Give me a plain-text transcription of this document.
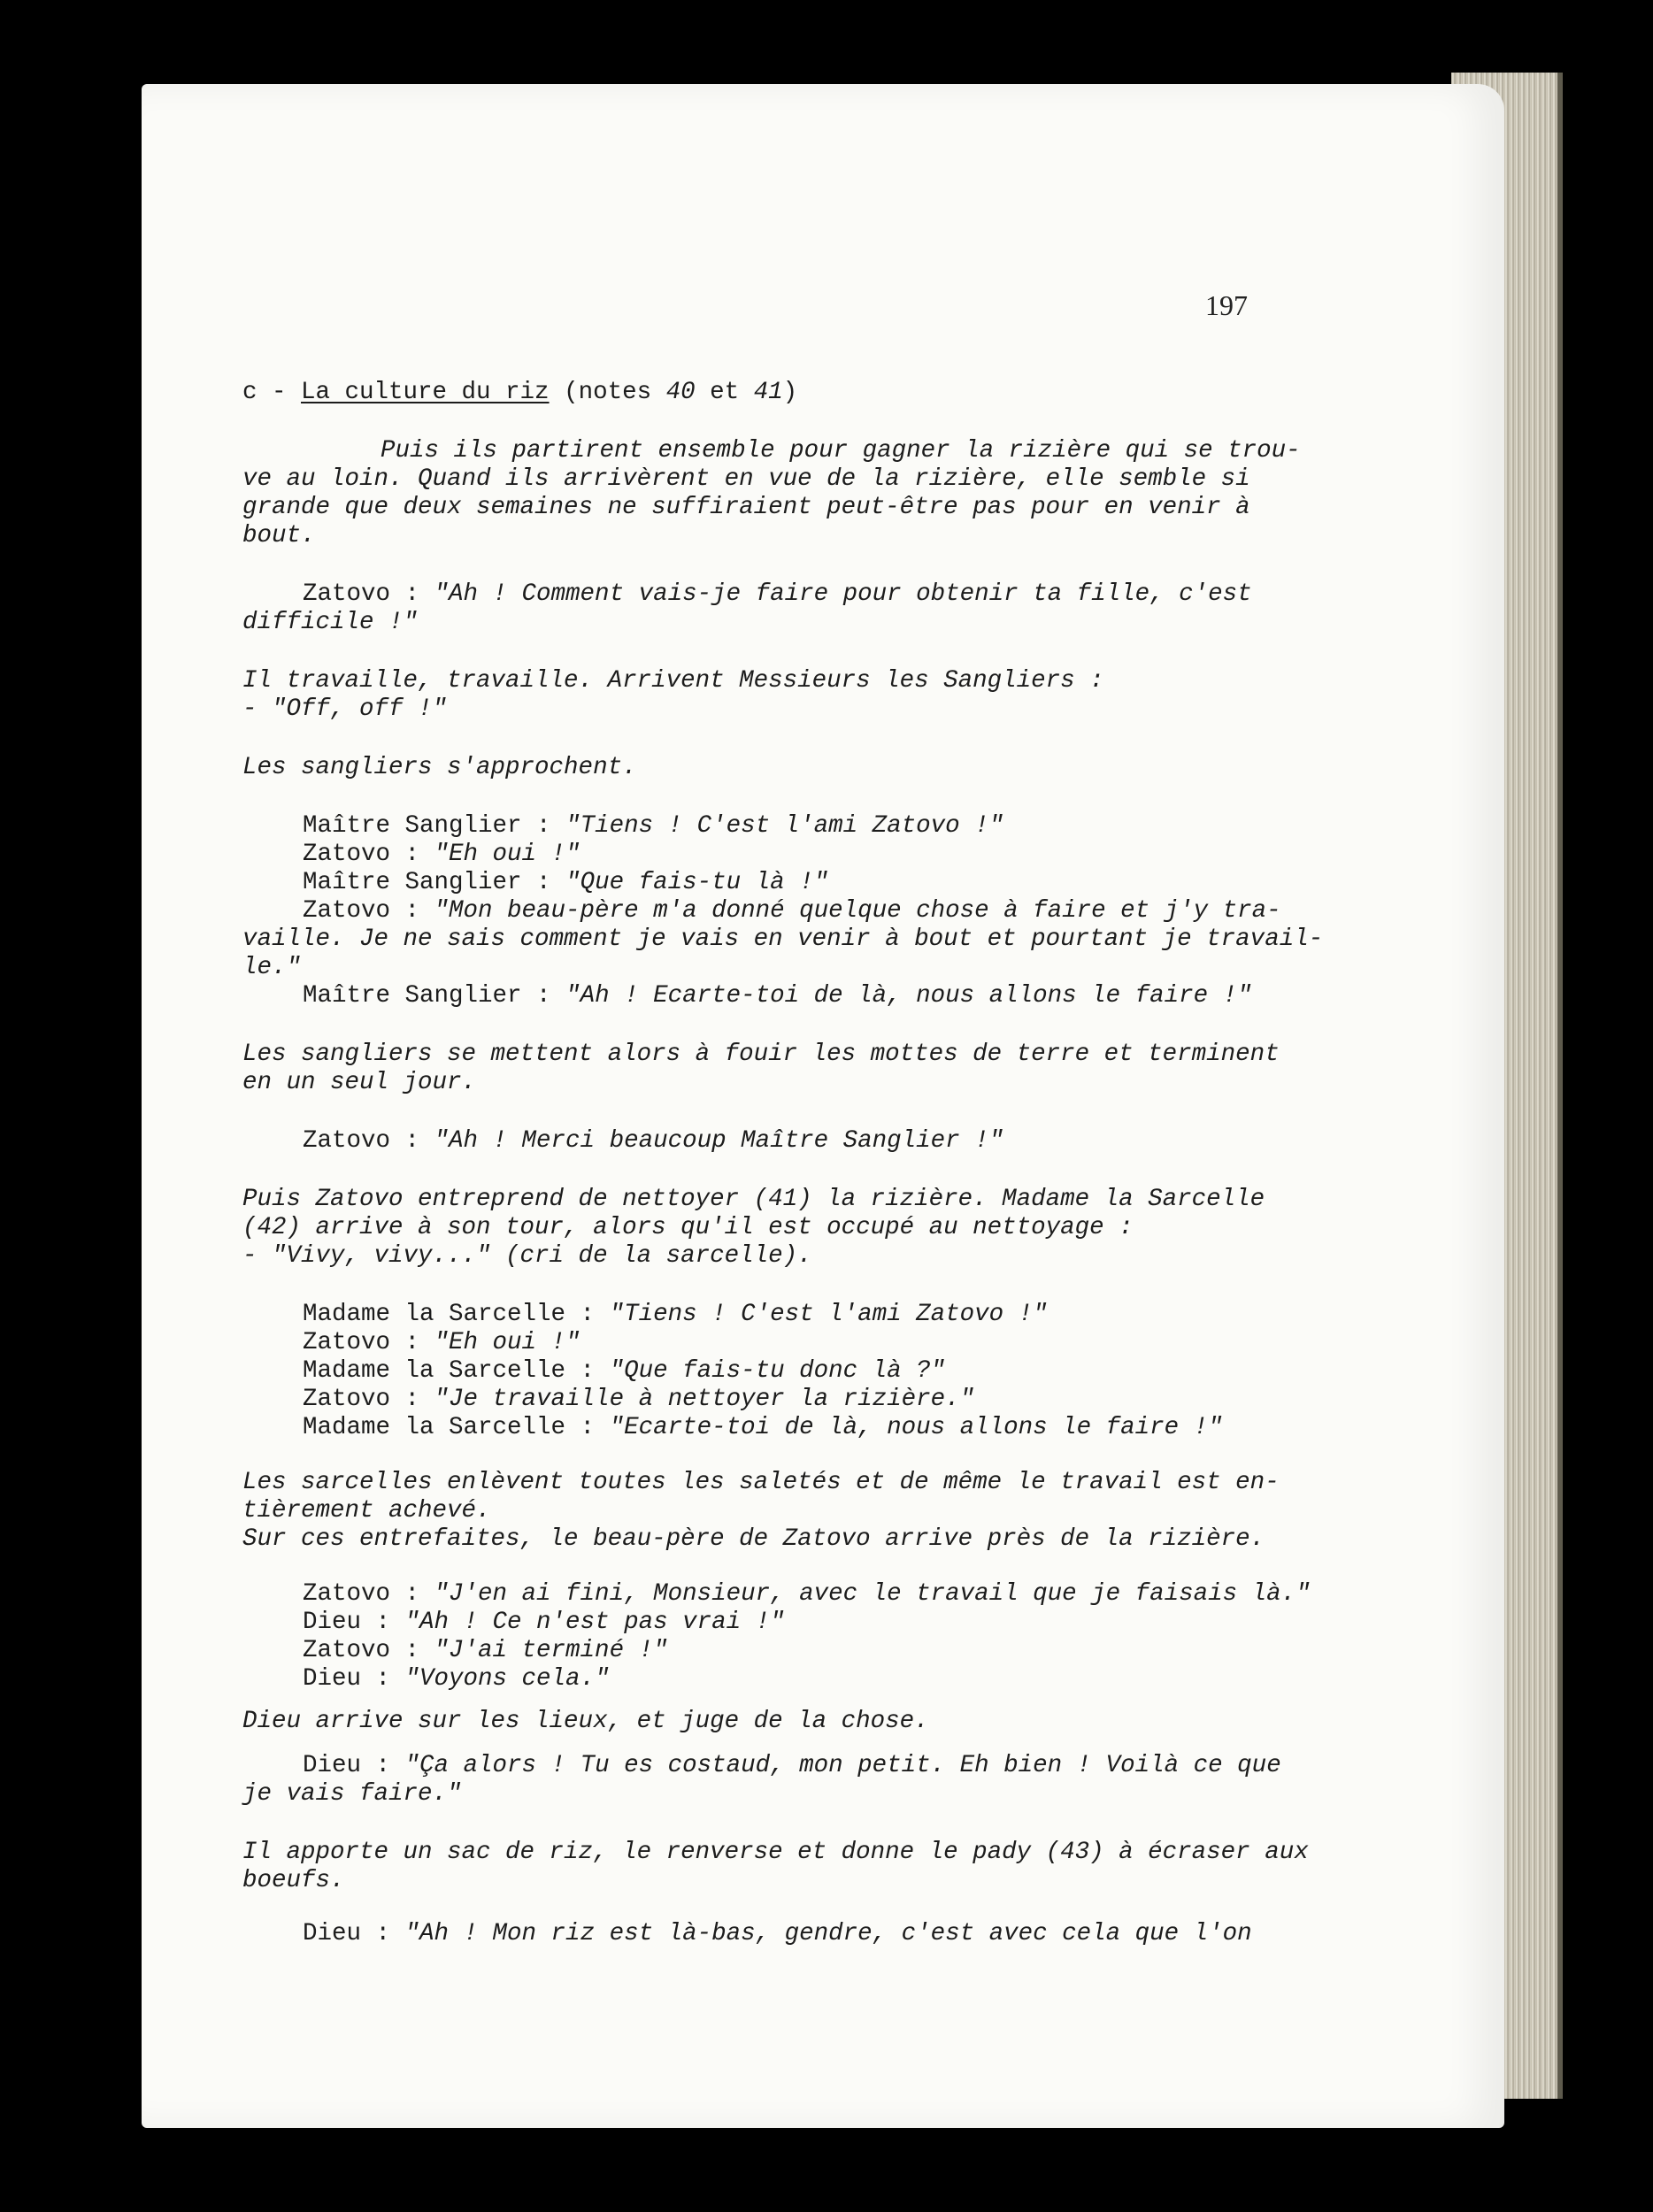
197
c - La culture du riz (notes 40 et 41)
Puis ils partirent ensemble pour gagner la rizière qui se trou-
ve au loin. Quand ils arrivèrent en vue de la rizière, elle semble si
grande que deux semaines ne suffiraient peut-être pas pour en venir à
bout.
Zatovo : "Ah ! Comment vais-je faire pour obtenir ta fille, c'est
difficile !"
Il travaille, travaille. Arrivent Messieurs les Sangliers :
- "Off, off !"
Les sangliers s'approchent.
Maître Sanglier : "Tiens ! C'est l'ami Zatovo !"
Zatovo : "Eh oui !"
Maître Sanglier : "Que fais-tu là !"
Zatovo : "Mon beau-père m'a donné quelque chose à faire et j'y tra-
vaille. Je ne sais comment je vais en venir à bout et pourtant je travail-
le."
Maître Sanglier : "Ah ! Ecarte-toi de là, nous allons le faire !"
Les sangliers se mettent alors à fouir les mottes de terre et terminent
en un seul jour.
Zatovo : "Ah ! Merci beaucoup Maître Sanglier !"
Puis Zatovo entreprend de nettoyer (41) la rizière. Madame la Sarcelle
(42) arrive à son tour, alors qu'il est occupé au nettoyage :
- "Vivy, vivy..." (cri de la sarcelle).
Madame la Sarcelle : "Tiens ! C'est l'ami Zatovo !"
Zatovo : "Eh oui !"
Madame la Sarcelle : "Que fais-tu donc là ?"
Zatovo : "Je travaille à nettoyer la rizière."
Madame la Sarcelle : "Ecarte-toi de là, nous allons le faire !"
Les sarcelles enlèvent toutes les saletés et de même le travail est en-
tièrement achevé.
Sur ces entrefaites, le beau-père de Zatovo arrive près de la rizière.
Zatovo : "J'en ai fini, Monsieur, avec le travail que je faisais là."
Dieu : "Ah ! Ce n'est pas vrai !"
Zatovo : "J'ai terminé !"
Dieu : "Voyons cela."
Dieu arrive sur les lieux, et juge de la chose.
Dieu : "Ça alors ! Tu es costaud, mon petit. Eh bien ! Voilà ce que
je vais faire."
Il apporte un sac de riz, le renverse et donne le pady (43) à écraser aux
boeufs.
Dieu : "Ah ! Mon riz est là-bas, gendre, c'est avec cela que l'on
